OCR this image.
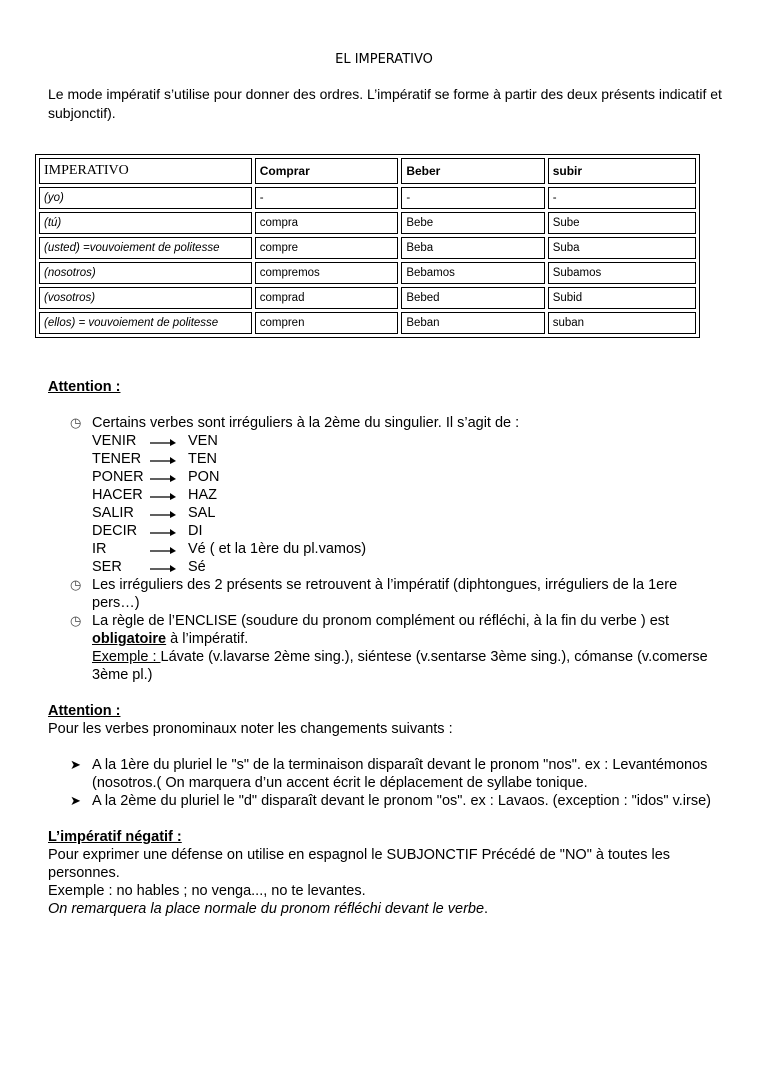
EL IMPERATIVO
Le mode impératif s’utilise pour donner des ordres. L’impératif se forme à partir des deux présents indicatif et subjonctif).
IMPERATIVO	Comprar	Beber	subir
(yo)	-	-	-
(tú)	compra	Bebe	Sube
(usted) =vouvoiement de politesse	compre	Beba	Suba
(nosotros)	compremos	Bebamos	Subamos
(vosotros)	comprad	Bebed	Subid
(ellos) = vouvoiement de politesse	compren	Beban	suban

Attention :

◷ Certains verbes sont irréguliers à la 2ème du singulier. Il s’agit de :
VENIR	VEN
TENER	TEN
PONER	PON
HACER	HAZ
SALIR	SAL
DECIR	DI
IR	Vé ( et la 1ère du pl.vamos)
SER	Sé
◷ Les irréguliers des 2 présents se retrouvent à l’impératif (diphtongues, irréguliers de la 1ere pers…)
◷ La règle de l’ENCLISE (soudure du pronom complément ou réfléchi, à la fin du verbe ) est
obligatoire à l’impératif.
Exemple : Lávate (v.lavarse 2ème sing.), siéntese (v.sentarse 3ème sing.), cómanse (v.comerse 3ème pl.)

Attention :

Pour les verbes pronominaux noter les changements suivants :

➤ A la 1ère du pluriel le "s" de la terminaison disparaît devant le pronom "nos". ex : Levantémonos (nosotros.( On marquera d’un accent écrit le déplacement de syllabe tonique.
➤ A la 2ème du pluriel le "d" disparaît devant le pronom "os". ex : Lavaos. (exception : "idos" v.irse)

L’impératif négatif :

Pour exprimer une défense on utilise en espagnol le SUBJONCTIF Précédé de "NO" à toutes les personnes.

Exemple : no hables ; no venga..., no te levantes.

On remarquera la place normale du pronom réfléchi devant le verbe.
